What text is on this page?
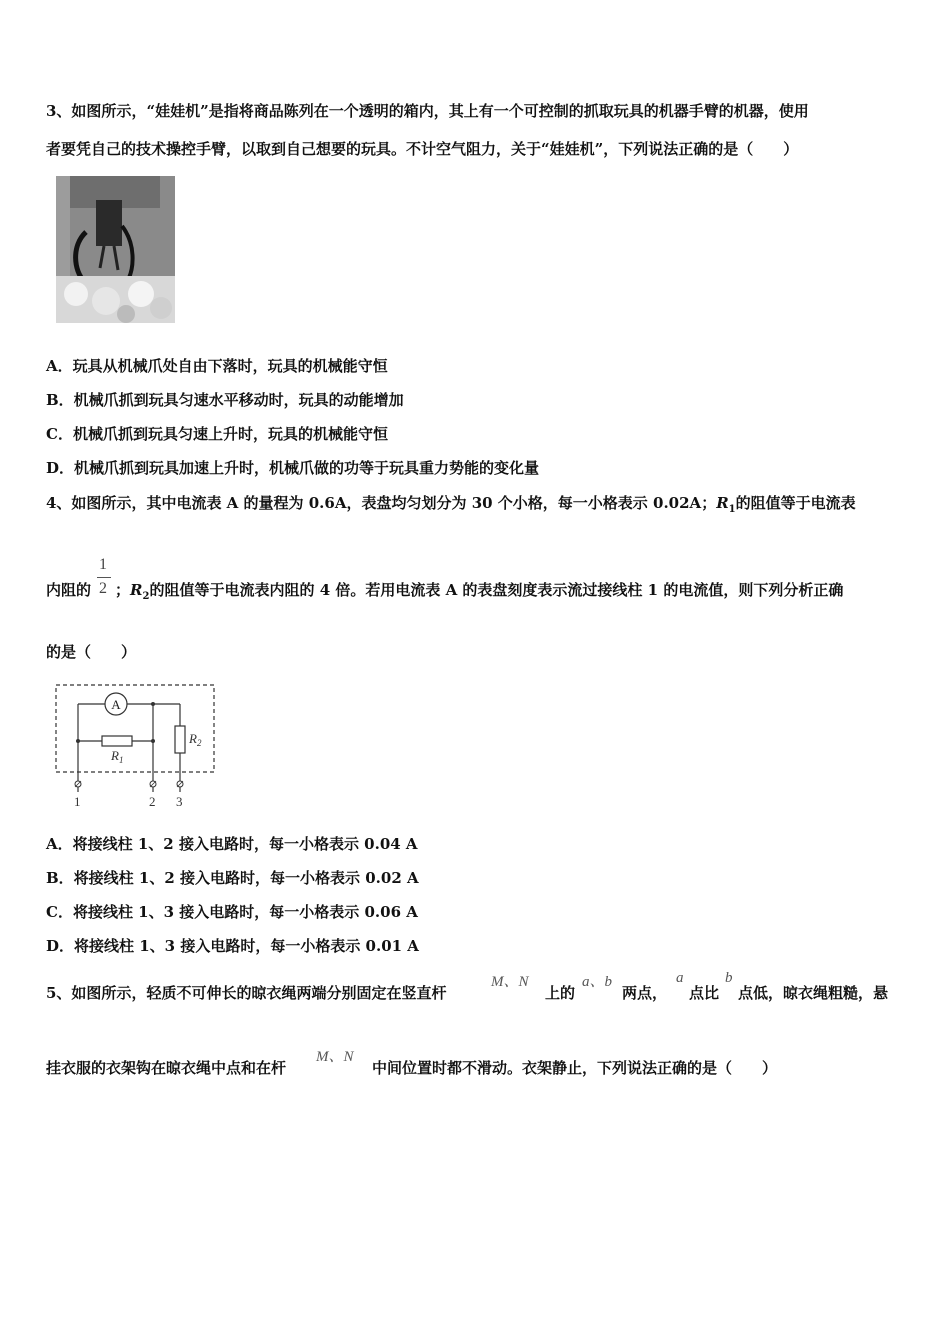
3、如图所示，“娃娃机”是指将商品陈列在一个透明的箱内，其上有一个可控制的抓取玩具的机器手臂的机器，使用
者要凭自己的技术操控手臂，以取到自己想要的玩具。不计空气阻力，关于“娃娃机”，下列说法正确的是（　　）
A．玩具从机械爪处自由下落时，玩具的机械能守恒
B．机械爪抓到玩具匀速水平移动时，玩具的动能增加
C．机械爪抓到玩具匀速上升时，玩具的机械能守恒
D．机械爪抓到玩具加速上升时，机械爪做的功等于玩具重力势能的变化量
4、如图所示，其中电流表 A 的量程为 0.6A，表盘均匀划分为 30 个小格，每一小格表示 0.02A；$R_1$的阻值等于电流表
1
2
内阻的 ；$R_2$的阻值等于电流表内阻的 4 倍。若用电流表 A 的表盘刻度表示流过接线柱 1 的电流值，则下列分析正确
的是（　　）
A
$R_1$
$R_2$
1	2 3
A．将接线柱 1、2 接入电路时，每一小格表示 0.04 A
B．将接线柱 1、2 接入电路时，每一小格表示 0.02 A
C．将接线柱 1、3 接入电路时，每一小格表示 0.06 A
D．将接线柱 1、3 接入电路时，每一小格表示 0.01 A
5、如图所示，轻质不可伸长的晾衣绳两端分别固定在竖直杆
M、N
上的
a、b
两点，
a
点比
b
点低，晾衣绳粗糙，悬
挂衣服的衣架钩在晾衣绳中点和在杆
M、N
中间位置时都不滑动。衣架静止，下列说法正确的是（　　）
